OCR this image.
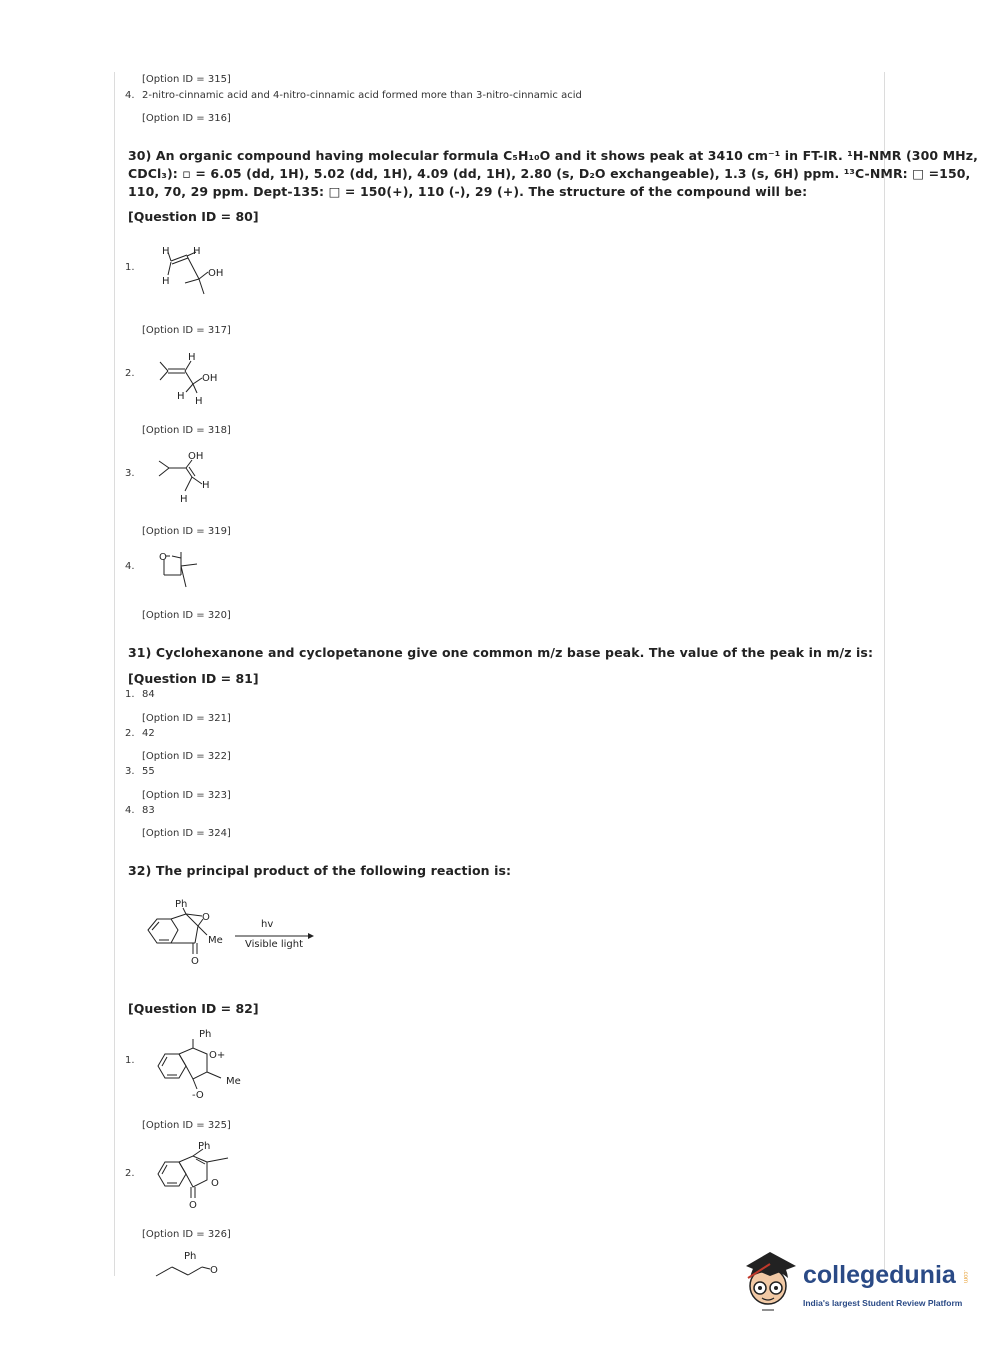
[Option ID = 315]
4. 2-nitro-cinnamic acid and 4-nitro-cinnamic acid formed more than 3-nitro-cinnamic acid
[Option ID = 316]
30) An organic compound having molecular formula C₅H₁₀O and it shows peak at 3410 cm⁻¹ in FT-IR. ¹H-NMR (300 MHz,
CDCl₃): ▫ = 6.05 (dd, 1H), 5.02 (dd, 1H), 4.09 (dd, 1H), 2.80 (s, D₂O exchangeable), 1.3 (s, 6H) ppm. ¹³C-NMR: □ =150,
110, 70, 29 ppm. Dept-135: □ = 150(+), 110 (-), 29 (+). The structure of the compound will be:
[Question ID = 80]
1.
H H
H
OH
[Option ID = 317]
2.
H
OH
H H
[Option ID = 318]
3.
OH
H
H
[Option ID = 319]
4.
O
[Option ID = 320]
31) Cyclohexanone and cyclopetanone give one common m/z base peak. The value of the peak in m/z is:
[Question ID = 81]
1. 84
[Option ID = 321]
2. 42
[Option ID = 322]
3. 55
[Option ID = 323]
4. 83
[Option ID = 324]
32) The principal product of the following reaction is:
Ph
O
Me
O
hv
Visible light
[Question ID = 82]
1.
Ph
O+
Me
-O
[Option ID = 325]
2.
Ph
O
O
[Option ID = 326]
Ph
O	collegedunia .com
India's largest Student Review Platform
